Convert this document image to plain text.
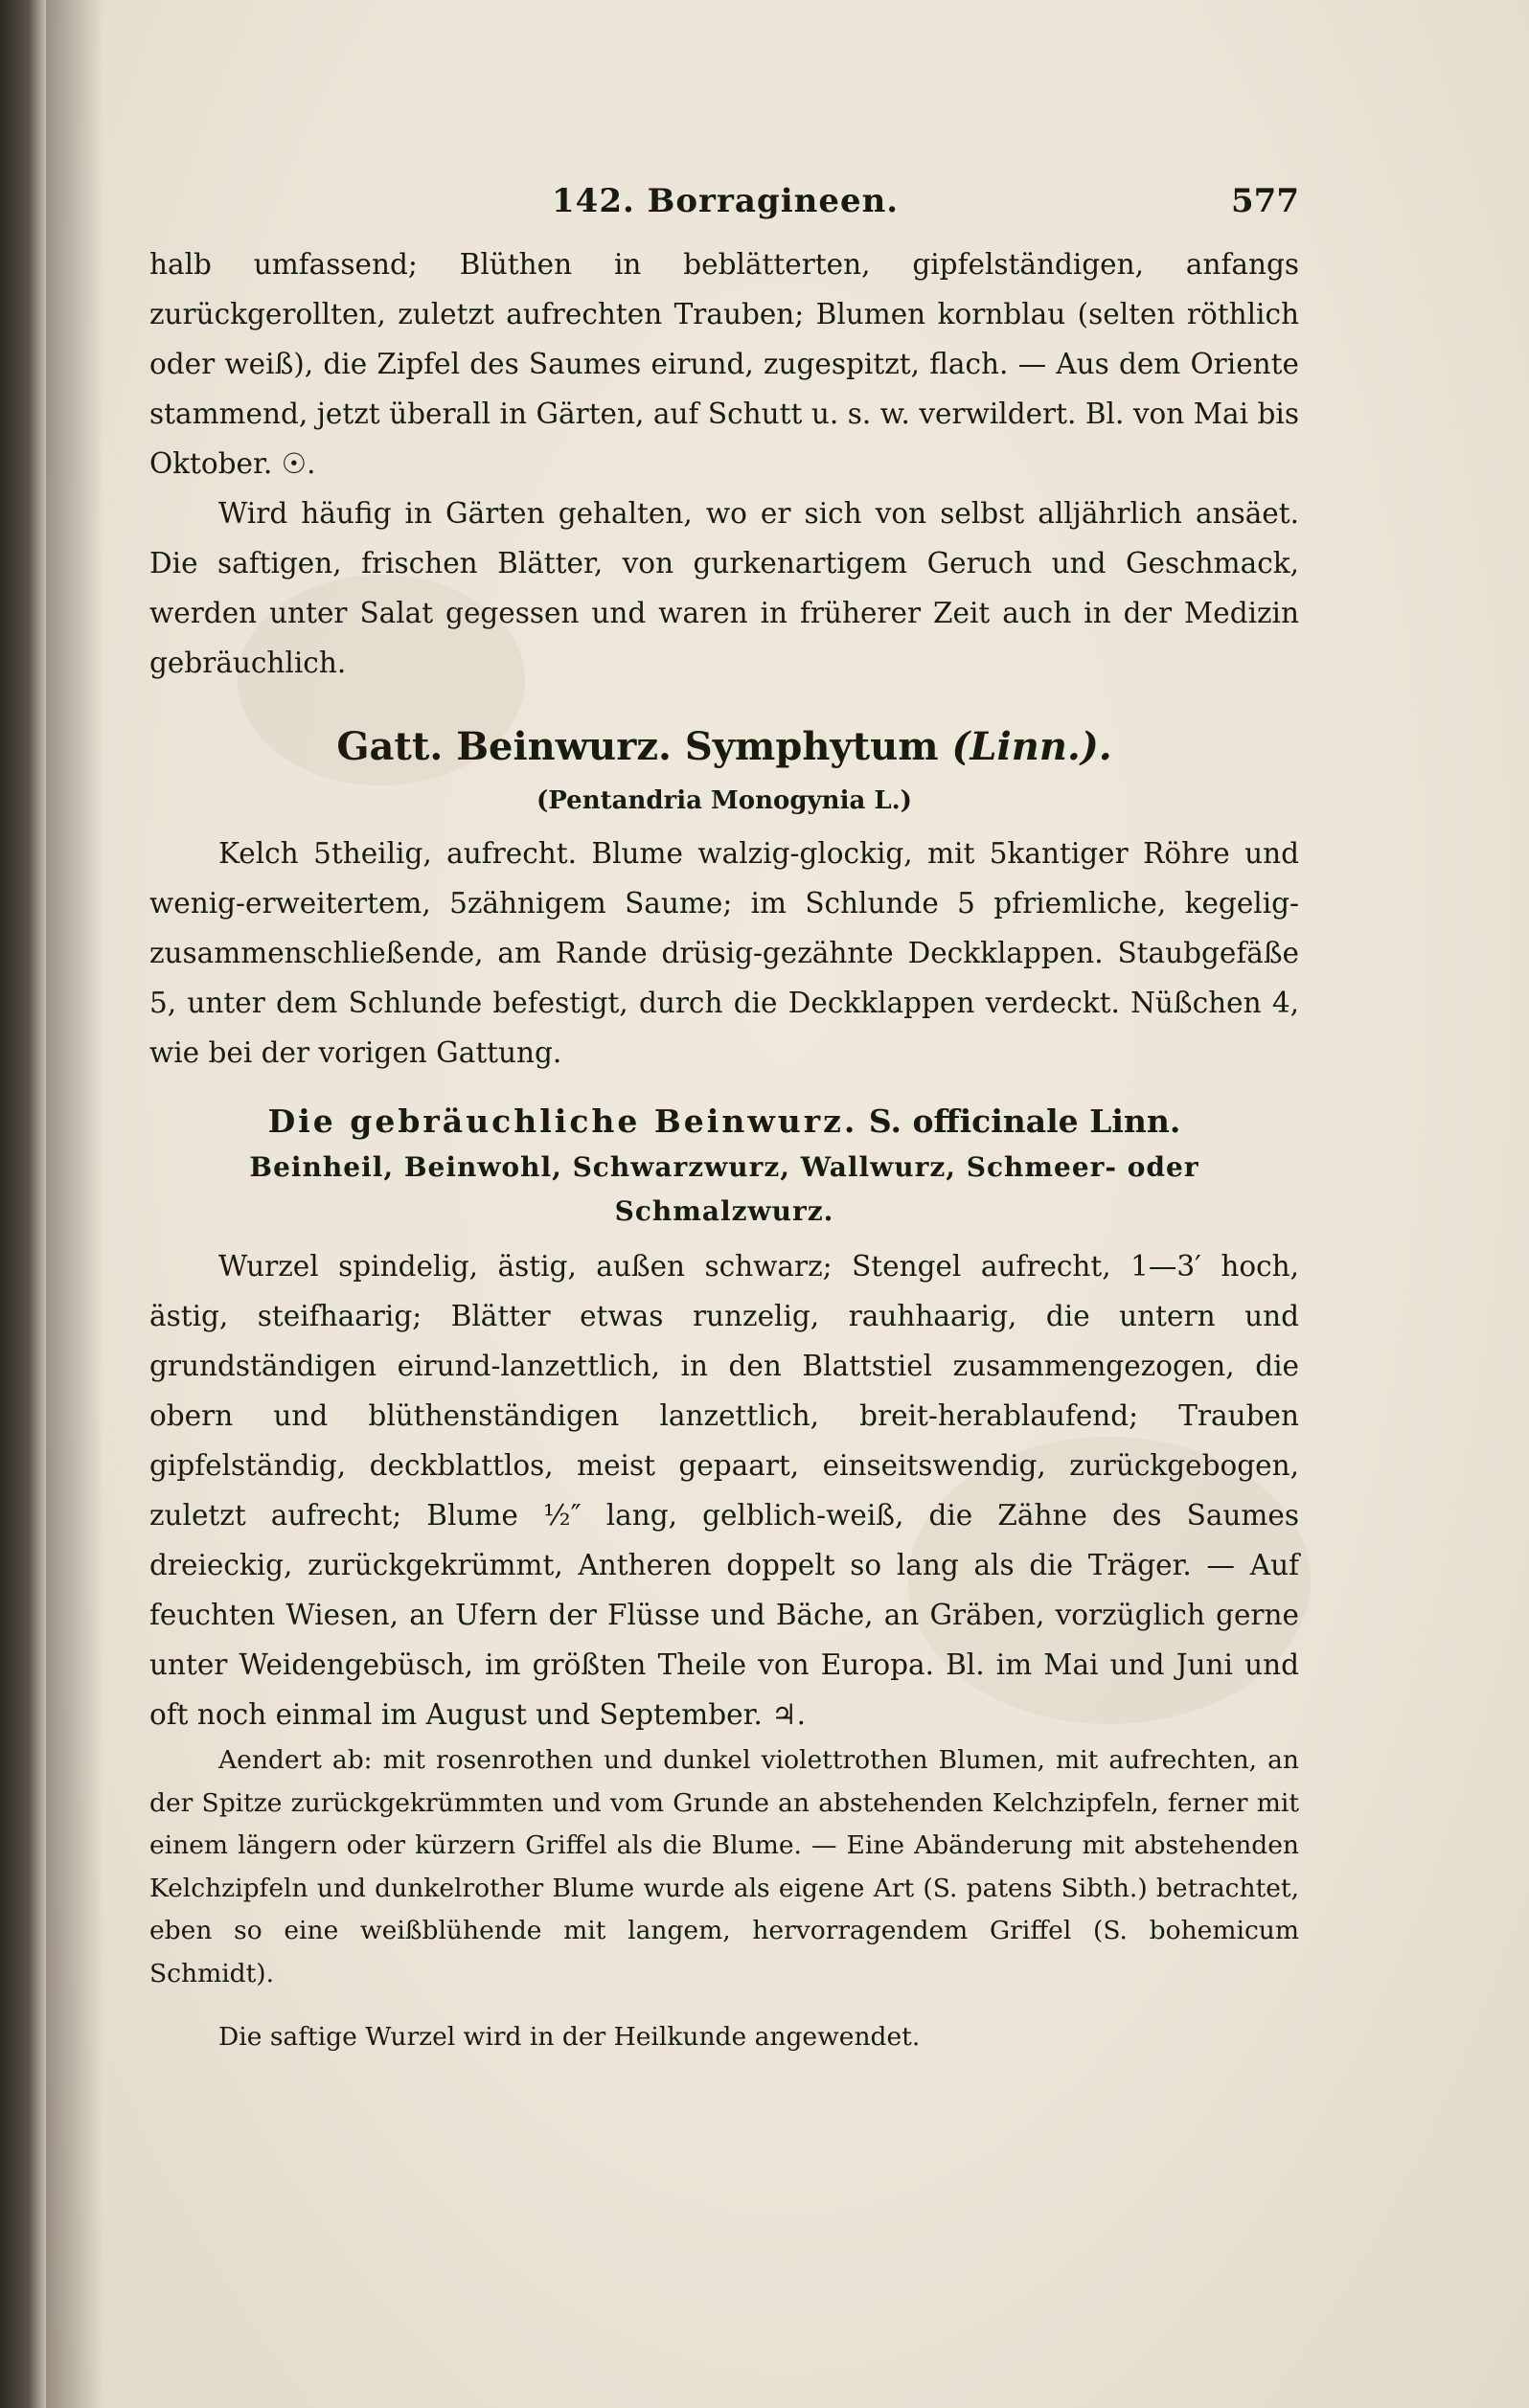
142. Borragineen.	577

halb umfassend; Blüthen in beblätterten, gipfelständigen, anfangs zurückgerollten, zuletzt aufrechten Trauben; Blumen kornblau (selten röthlich oder weiß), die Zipfel des Saumes eirund, zugespitzt, flach. — Aus dem Oriente stammend, jetzt überall in Gärten, auf Schutt u. s. w. verwildert. Bl. von Mai bis Oktober. ☉.

Wird häufig in Gärten gehalten, wo er sich von selbst alljährlich ansäet. Die saftigen, frischen Blätter, von gurkenartigem Geruch und Geschmack, werden unter Salat gegessen und waren in früherer Zeit auch in der Medizin gebräuchlich.

Gatt. Beinwurz. Symphytum (Linn.).
(Pentandria Monogynia L.)

Kelch 5theilig, aufrecht. Blume walzig-glockig, mit 5kantiger Röhre und wenig-erweitertem, 5zähnigem Saume; im Schlunde 5 pfriemliche, kegelig-zusammenschließende, am Rande drüsig-gezähnte Deckklappen. Staubgefäße 5, unter dem Schlunde befestigt, durch die Deckklappen verdeckt. Nüßchen 4, wie bei der vorigen Gattung.

Die gebräuchliche Beinwurz. S. officinale Linn.
Beinheil, Beinwohl, Schwarzwurz, Wallwurz, Schmeer- oder Schmalzwurz.

Wurzel spindelig, ästig, außen schwarz; Stengel aufrecht, 1—3′ hoch, ästig, steifhaarig; Blätter etwas runzelig, rauhhaarig, die untern und grundständigen eirund-lanzettlich, in den Blattstiel zusammengezogen, die obern und blüthenständigen lanzettlich, breit-herablaufend; Trauben gipfelständig, deckblattlos, meist gepaart, einseitswendig, zurückgebogen, zuletzt aufrecht; Blume ½″ lang, gelblich-weiß, die Zähne des Saumes dreieckig, zurückgekrümmt, Antheren doppelt so lang als die Träger. — Auf feuchten Wiesen, an Ufern der Flüsse und Bäche, an Gräben, vorzüglich gerne unter Weidengebüsch, im größten Theile von Europa. Bl. im Mai und Juni und oft noch einmal im August und September. ♃.

Aendert ab: mit rosenrothen und dunkel violettrothen Blumen, mit aufrechten, an der Spitze zurückgekrümmten und vom Grunde an abstehenden Kelchzipfeln, ferner mit einem längern oder kürzern Griffel als die Blume. — Eine Abänderung mit abstehenden Kelchzipfeln und dunkelrother Blume wurde als eigene Art (S. patens Sibth.) betrachtet, eben so eine weißblühende mit langem, hervorragendem Griffel (S. bohemicum Schmidt).

Die saftige Wurzel wird in der Heilkunde angewendet.
